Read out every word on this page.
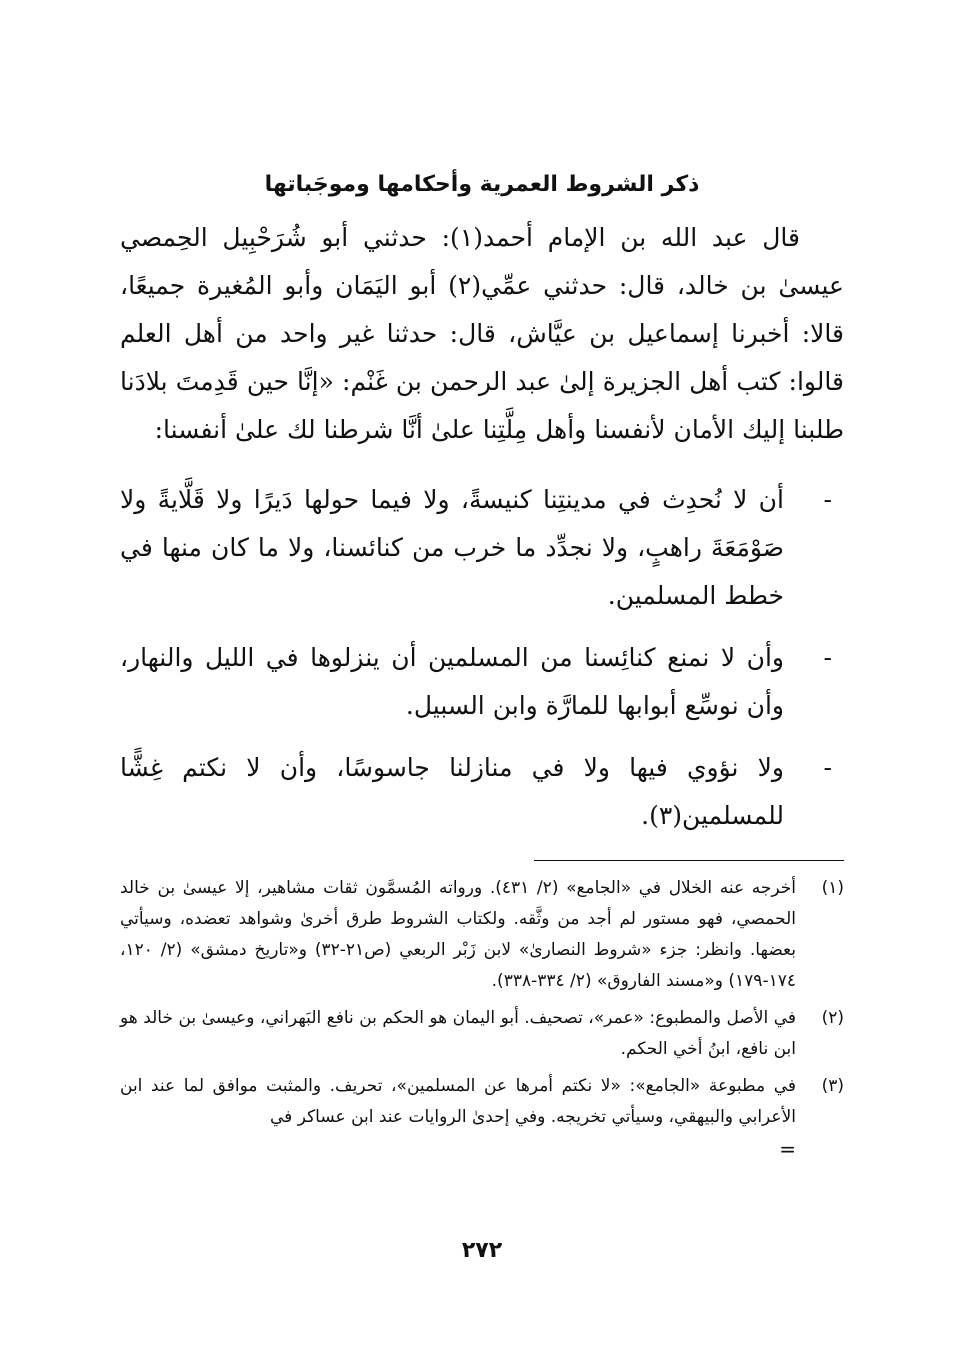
ذكر الشروط العمرية وأحكامها وموجَباتها

قال عبد الله بن الإمام أحمد(١): حدثني أبو شُرَحْبِيل الحِمصي عيسىٰ بن خالد، قال: حدثني عمِّي(٢) أبو اليَمَان وأبو المُغيرة جميعًا، قالا: أخبرنا إسماعيل بن عيَّاش، قال: حدثنا غير واحد من أهل العلم قالوا: كتب أهل الجزيرة إلىٰ عبد الرحمن بن غَنْم: «إنَّا حين قَدِمتَ بلادَنا طلبنا إليك الأمان لأنفسنا وأهل مِلَّتِنا علىٰ أنَّا شرطنا لك علىٰ أنفسنا:

-
أن لا نُحدِث في مدينتِنا كنيسةً، ولا فيما حولها دَيرًا ولا قَلَّايةً ولا صَوْمَعَةَ راهبٍ، ولا نجدِّد ما خرب من كنائسنا، ولا ما كان منها في خطط المسلمين.
-
وأن لا نمنع كنائِسنا من المسلمين أن ينزلوها في الليل والنهار، وأن نوسِّع أبوابها للمارَّة وابن السبيل.
-
ولا نؤوي فيها ولا في منازلنا جاسوسًا، وأن لا نكتم غِشًّا للمسلمين(٣).
(١)
أخرجه عنه الخلال في «الجامع» (٢/ ٤٣١). ورواته المُسمَّون ثقات مشاهير، إلا عيسىٰ بن خالد الحمصي، فهو مستور لم أجد من وثَّقه. ولكتاب الشروط طرق أخرىٰ وشواهد تعضده، وسيأتي بعضها. وانظر: جزء «شروط النصارىٰ» لابن زَبْر الربعي (ص٢١-٣٢) و«تاريخ دمشق» (٢/ ١٢٠، ١٧٤-١٧٩) و«مسند الفاروق» (٢/ ٣٣٤-٣٣٨).
(٢)
في الأصل والمطبوع: «عمر»، تصحيف. أبو اليمان هو الحكم بن نافع البَهراني، وعيسىٰ بن خالد هو ابن نافع، ابنُ أخي الحكم.
(٣)
في مطبوعة «الجامع»: «لا نكتم أمرها عن المسلمين»، تحريف. والمثبت موافق لما عند ابن الأعرابي والبيهقي، وسيأتي تخريجه. وفي إحدىٰ الروايات عند ابن عساكر في
=
٢٧٢
